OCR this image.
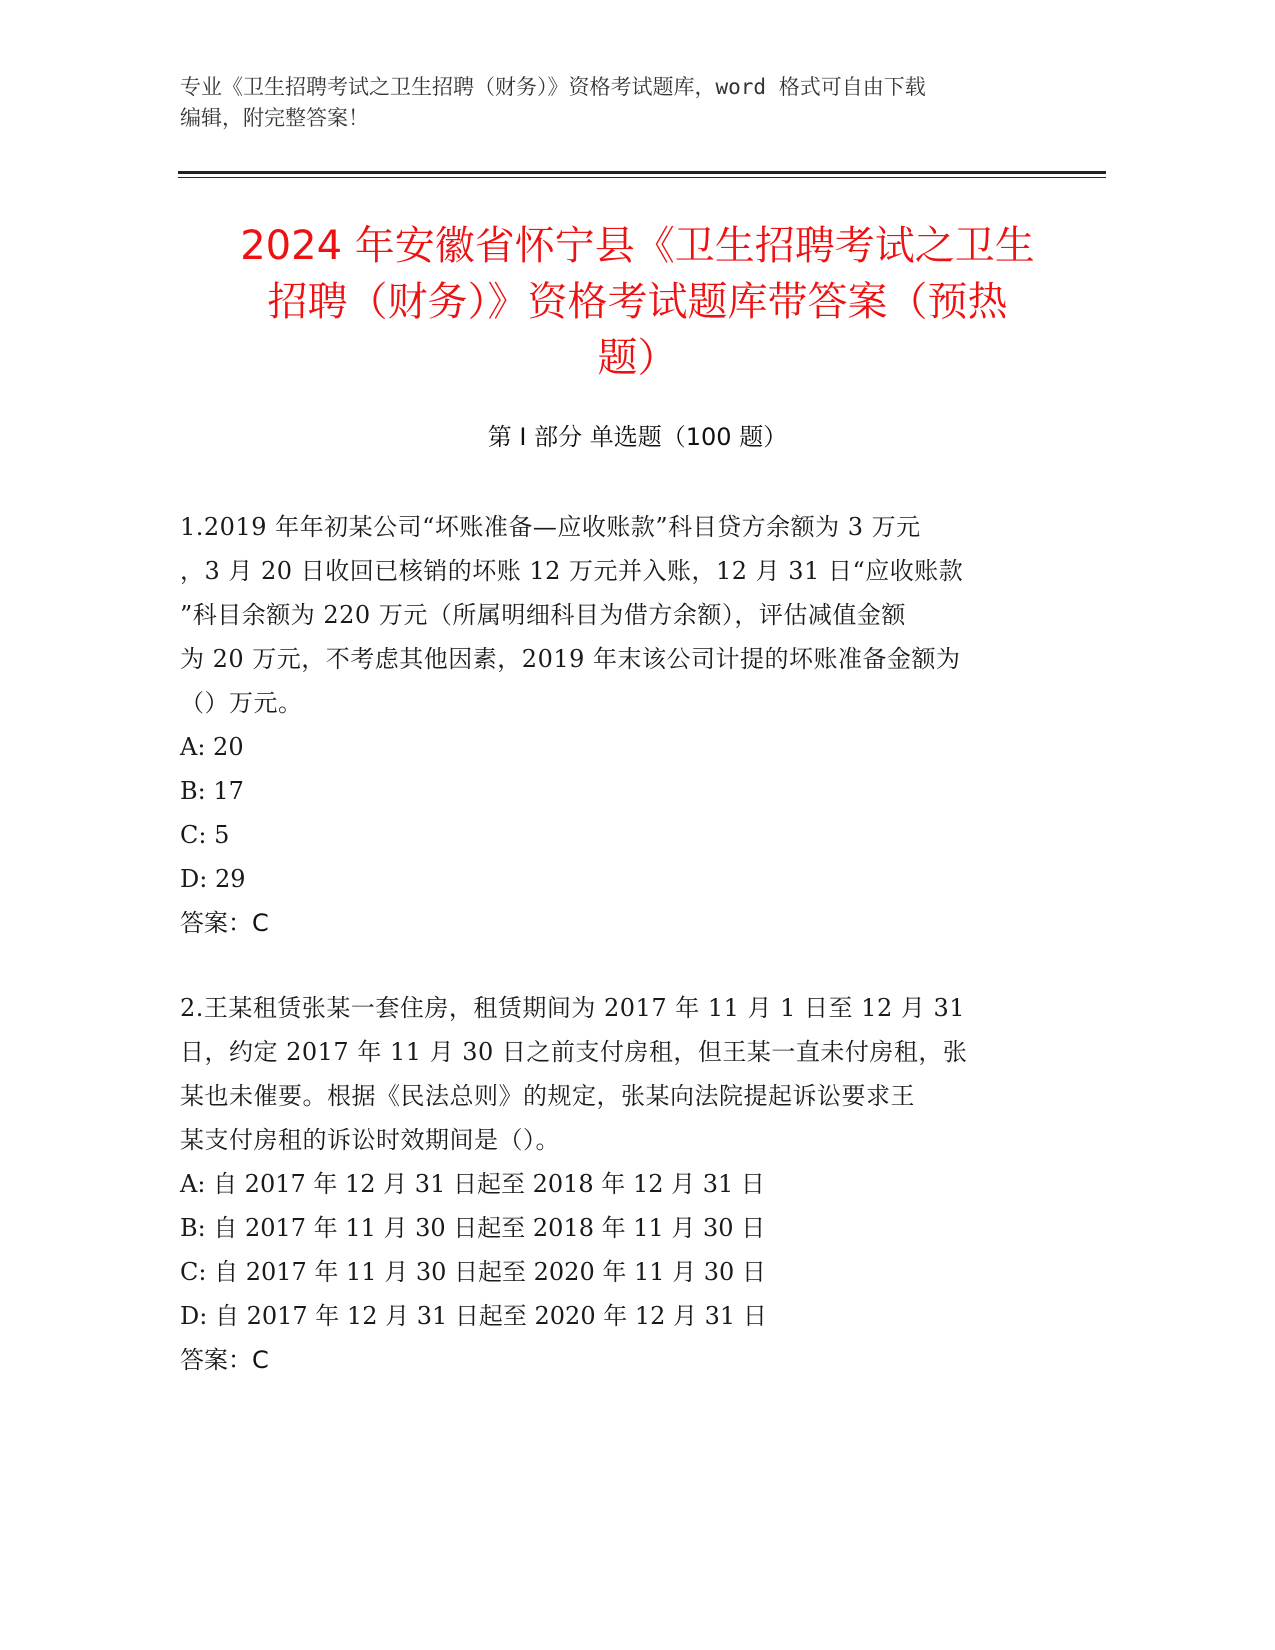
专业《卫生招聘考试之卫生招聘（财务）》资格考试题库，word 格式可自由下载
编辑，附完整答案！
2024 年安徽省怀宁县《卫生招聘考试之卫生
招聘（财务）》资格考试题库带答案（预热
题）
第 I 部分 单选题（100 题）

1.2019 年年初某公司“坏账准备—应收账款”科目贷方余额为 3 万元
，3 月 20 日收回已核销的坏账 12 万元并入账，12 月 31 日“应收账款
”科目余额为 220 万元（所属明细科目为借方余额），评估减值金额
为 20 万元，不考虑其他因素，2019 年末该公司计提的坏账准备金额为
（）万元。

A: 20

B: 17

C: 5

D: 29

答案：C

2.王某租赁张某一套住房，租赁期间为 2017 年 11 月 1 日至 12 月 31
日，约定 2017 年 11 月 30 日之前支付房租，但王某一直未付房租，张
某也未催要。根据《民法总则》的规定，张某向法院提起诉讼要求王
某支付房租的诉讼时效期间是（）。

A: 自 2017 年 12 月 31 日起至 2018 年 12 月 31 日

B: 自 2017 年 11 月 30 日起至 2018 年 11 月 30 日

C: 自 2017 年 11 月 30 日起至 2020 年 11 月 30 日

D: 自 2017 年 12 月 31 日起至 2020 年 12 月 31 日

答案：C
